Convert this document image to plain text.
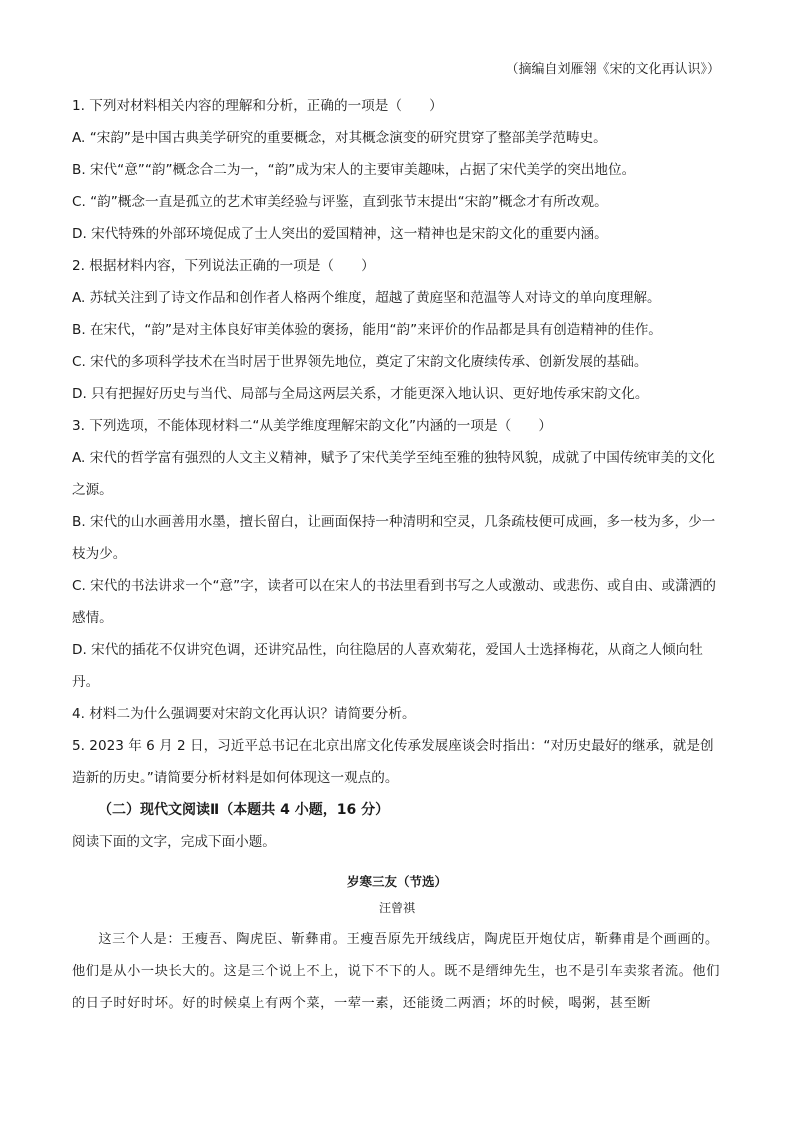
（摘编自刘雁翎《宋的文化再认识》）

1. 下列对材料相关内容的理解和分析，正确的一项是（　　）

A. “宋韵”是中国古典美学研究的重要概念，对其概念演变的研究贯穿了整部美学范畴史。

B. 宋代“意”“韵”概念合二为一，“韵”成为宋人的主要审美趣味，占据了宋代美学的突出地位。

C. “韵”概念一直是孤立的艺术审美经验与评鉴，直到张节末提出“宋韵”概念才有所改观。

D. 宋代特殊的外部环境促成了士人突出的爱国精神，这一精神也是宋韵文化的重要内涵。

2. 根据材料内容，下列说法正确的一项是（　　）

A. 苏轼关注到了诗文作品和创作者人格两个维度，超越了黄庭坚和范温等人对诗文的单向度理解。

B. 在宋代，“韵”是对主体良好审美体验的褒扬，能用“韵”来评价的作品都是具有创造精神的佳作。

C. 宋代的多项科学技术在当时居于世界领先地位，奠定了宋韵文化赓续传承、创新发展的基础。

D. 只有把握好历史与当代、局部与全局这两层关系，才能更深入地认识、更好地传承宋韵文化。

3. 下列选项，不能体现材料二“从美学维度理解宋韵文化”内涵的一项是（　　）

A. 宋代的哲学富有强烈的人文主义精神，赋予了宋代美学至纯至雅的独特风貌，成就了中国传统审美的文化之源。

B. 宋代的山水画善用水墨，擅长留白，让画面保持一种清明和空灵，几条疏枝便可成画，多一枝为多，少一枝为少。

C. 宋代的书法讲求一个“意”字，读者可以在宋人的书法里看到书写之人或激动、或悲伤、或自由、或潇洒的感情。

D. 宋代的插花不仅讲究色调，还讲究品性，向往隐居的人喜欢菊花，爱国人士选择梅花，从商之人倾向牡丹。

4. 材料二为什么强调要对宋韵文化再认识？请简要分析。

5. 2023 年 6 月 2 日，习近平总书记在北京出席文化传承发展座谈会时指出：“对历史最好的继承，就是创造新的历史。”请简要分析材料是如何体现这一观点的。

（二）现代文阅读Ⅱ（本题共 4 小题，16 分）

阅读下面的文字，完成下面小题。

岁寒三友（节选）

汪曾祺

这三个人是：王瘦吾、陶虎臣、靳彝甫。王瘦吾原先开绒线店，陶虎臣开炮仗店，靳彝甫是个画画的。他们是从小一块长大的。这是三个说上不上，说下不下的人。既不是缙绅先生，也不是引车卖浆者流。他们的日子时好时坏。好的时候桌上有两个菜，一荤一素，还能烫二两酒；坏的时候，喝粥，甚至断
